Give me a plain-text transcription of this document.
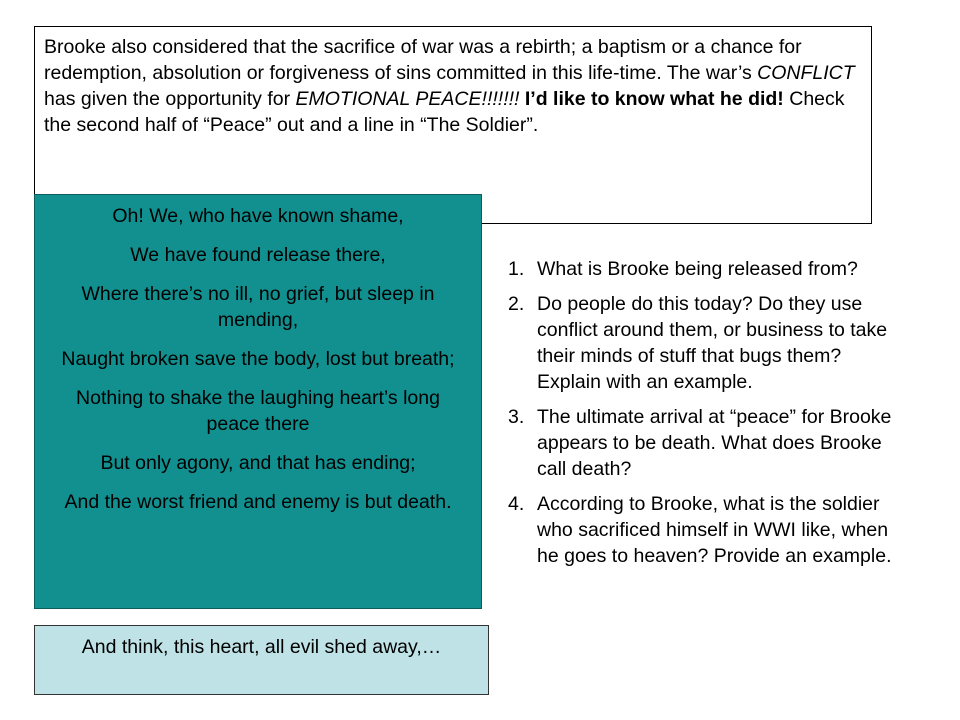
Brooke also considered that the sacrifice of war was a rebirth; a baptism or a chance for redemption, absolution or forgiveness of sins committed in this life-time. The war’s CONFLICT has given the opportunity for EMOTIONAL PEACE!!!!!!! I’d like to know what he did! Check the second half of “Peace” out and a line in “The Soldier”.

Oh! We, who have known shame,

We have found release there,

Where there’s no ill, no grief, but sleep in mending,

Naught broken save the body, lost but breath;

Nothing to shake the laughing heart’s long peace there

But only agony, and that has ending;

And the worst friend and enemy is but death.

And think, this heart, all evil shed away,…
1. What is Brooke being released from?
2. Do people do this today? Do they use conflict around them, or business to take their minds of stuff that bugs them? Explain with an example.
3. The ultimate arrival at “peace” for Brooke appears to be death. What does Brooke call death?
4. According to Brooke, what is the soldier who sacrificed himself in WWI like, when he goes to heaven? Provide an example.
